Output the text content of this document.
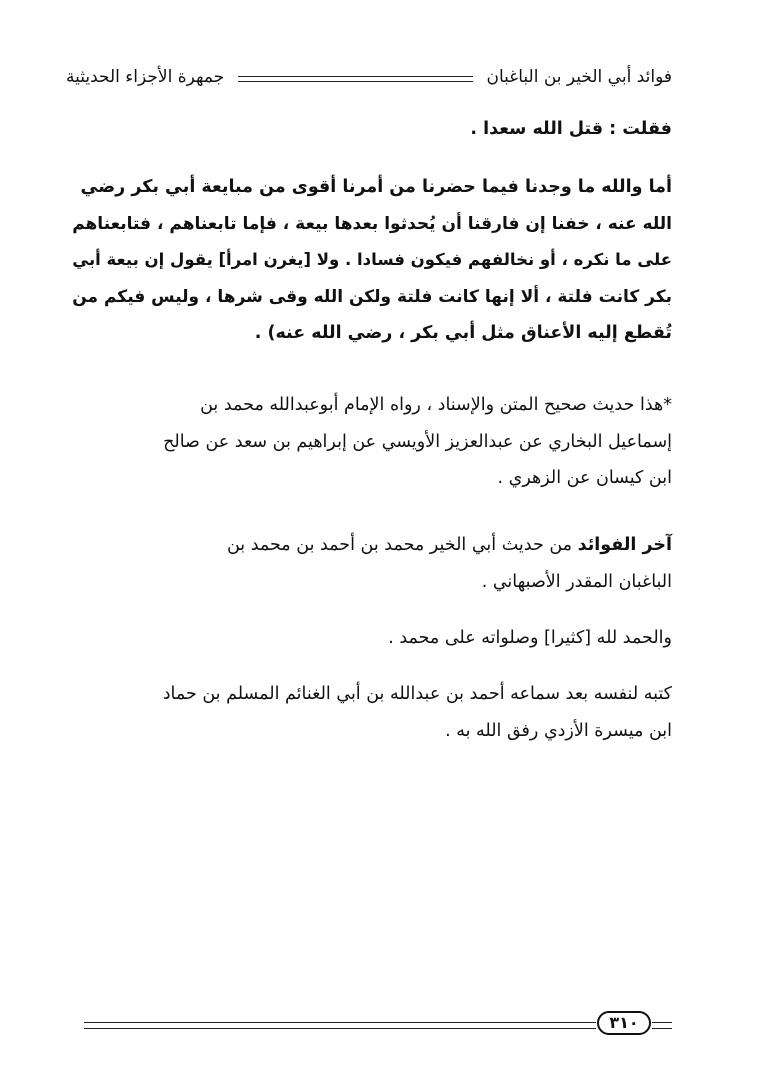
فوائد أبي الخير بن الباغبان
جمهرة الأجزاء الحديثية
فقلت : قتل الله سعدا .
أما والله ما وجدنا فيما حضرنا من أمرنا أقوى من مبايعة أبي بكر رضي
الله عنه ، خفنا إن فارقنا أن يُحدثوا بعدها بيعة ، فإما تابعناهم ، فتابعناهم
على ما نكره ، أو نخالفهم فيكون فسادا . ولا [يغرن امرأ] يقول إن بيعة أبي
بكر كانت فلتة ، ألا إنها كانت فلتة ولكن الله وقى شرها ، وليس فيكم من
تُقطع إليه الأعناق مثل أبي بكر ، رضي الله عنه) .
*هذا حديث صحيح المتن والإسناد ، رواه الإمام أبوعبدالله محمد بن
إسماعيل البخاري عن عبدالعزيز الأويسي عن إبراهيم بن سعد عن صالح
ابن كيسان عن الزهري .
آخر الفوائد من حديث أبي الخير محمد بن أحمد بن محمد بن
الباغبان المقدر الأصبهاني .
والحمد لله [كثيرا] وصلواته على محمد .
كتبه لنفسه بعد سماعه أحمد بن عبدالله بن أبي الغنائم المسلم بن حماد
ابن ميسرة الأزدي رفق الله به .
٣١٠
